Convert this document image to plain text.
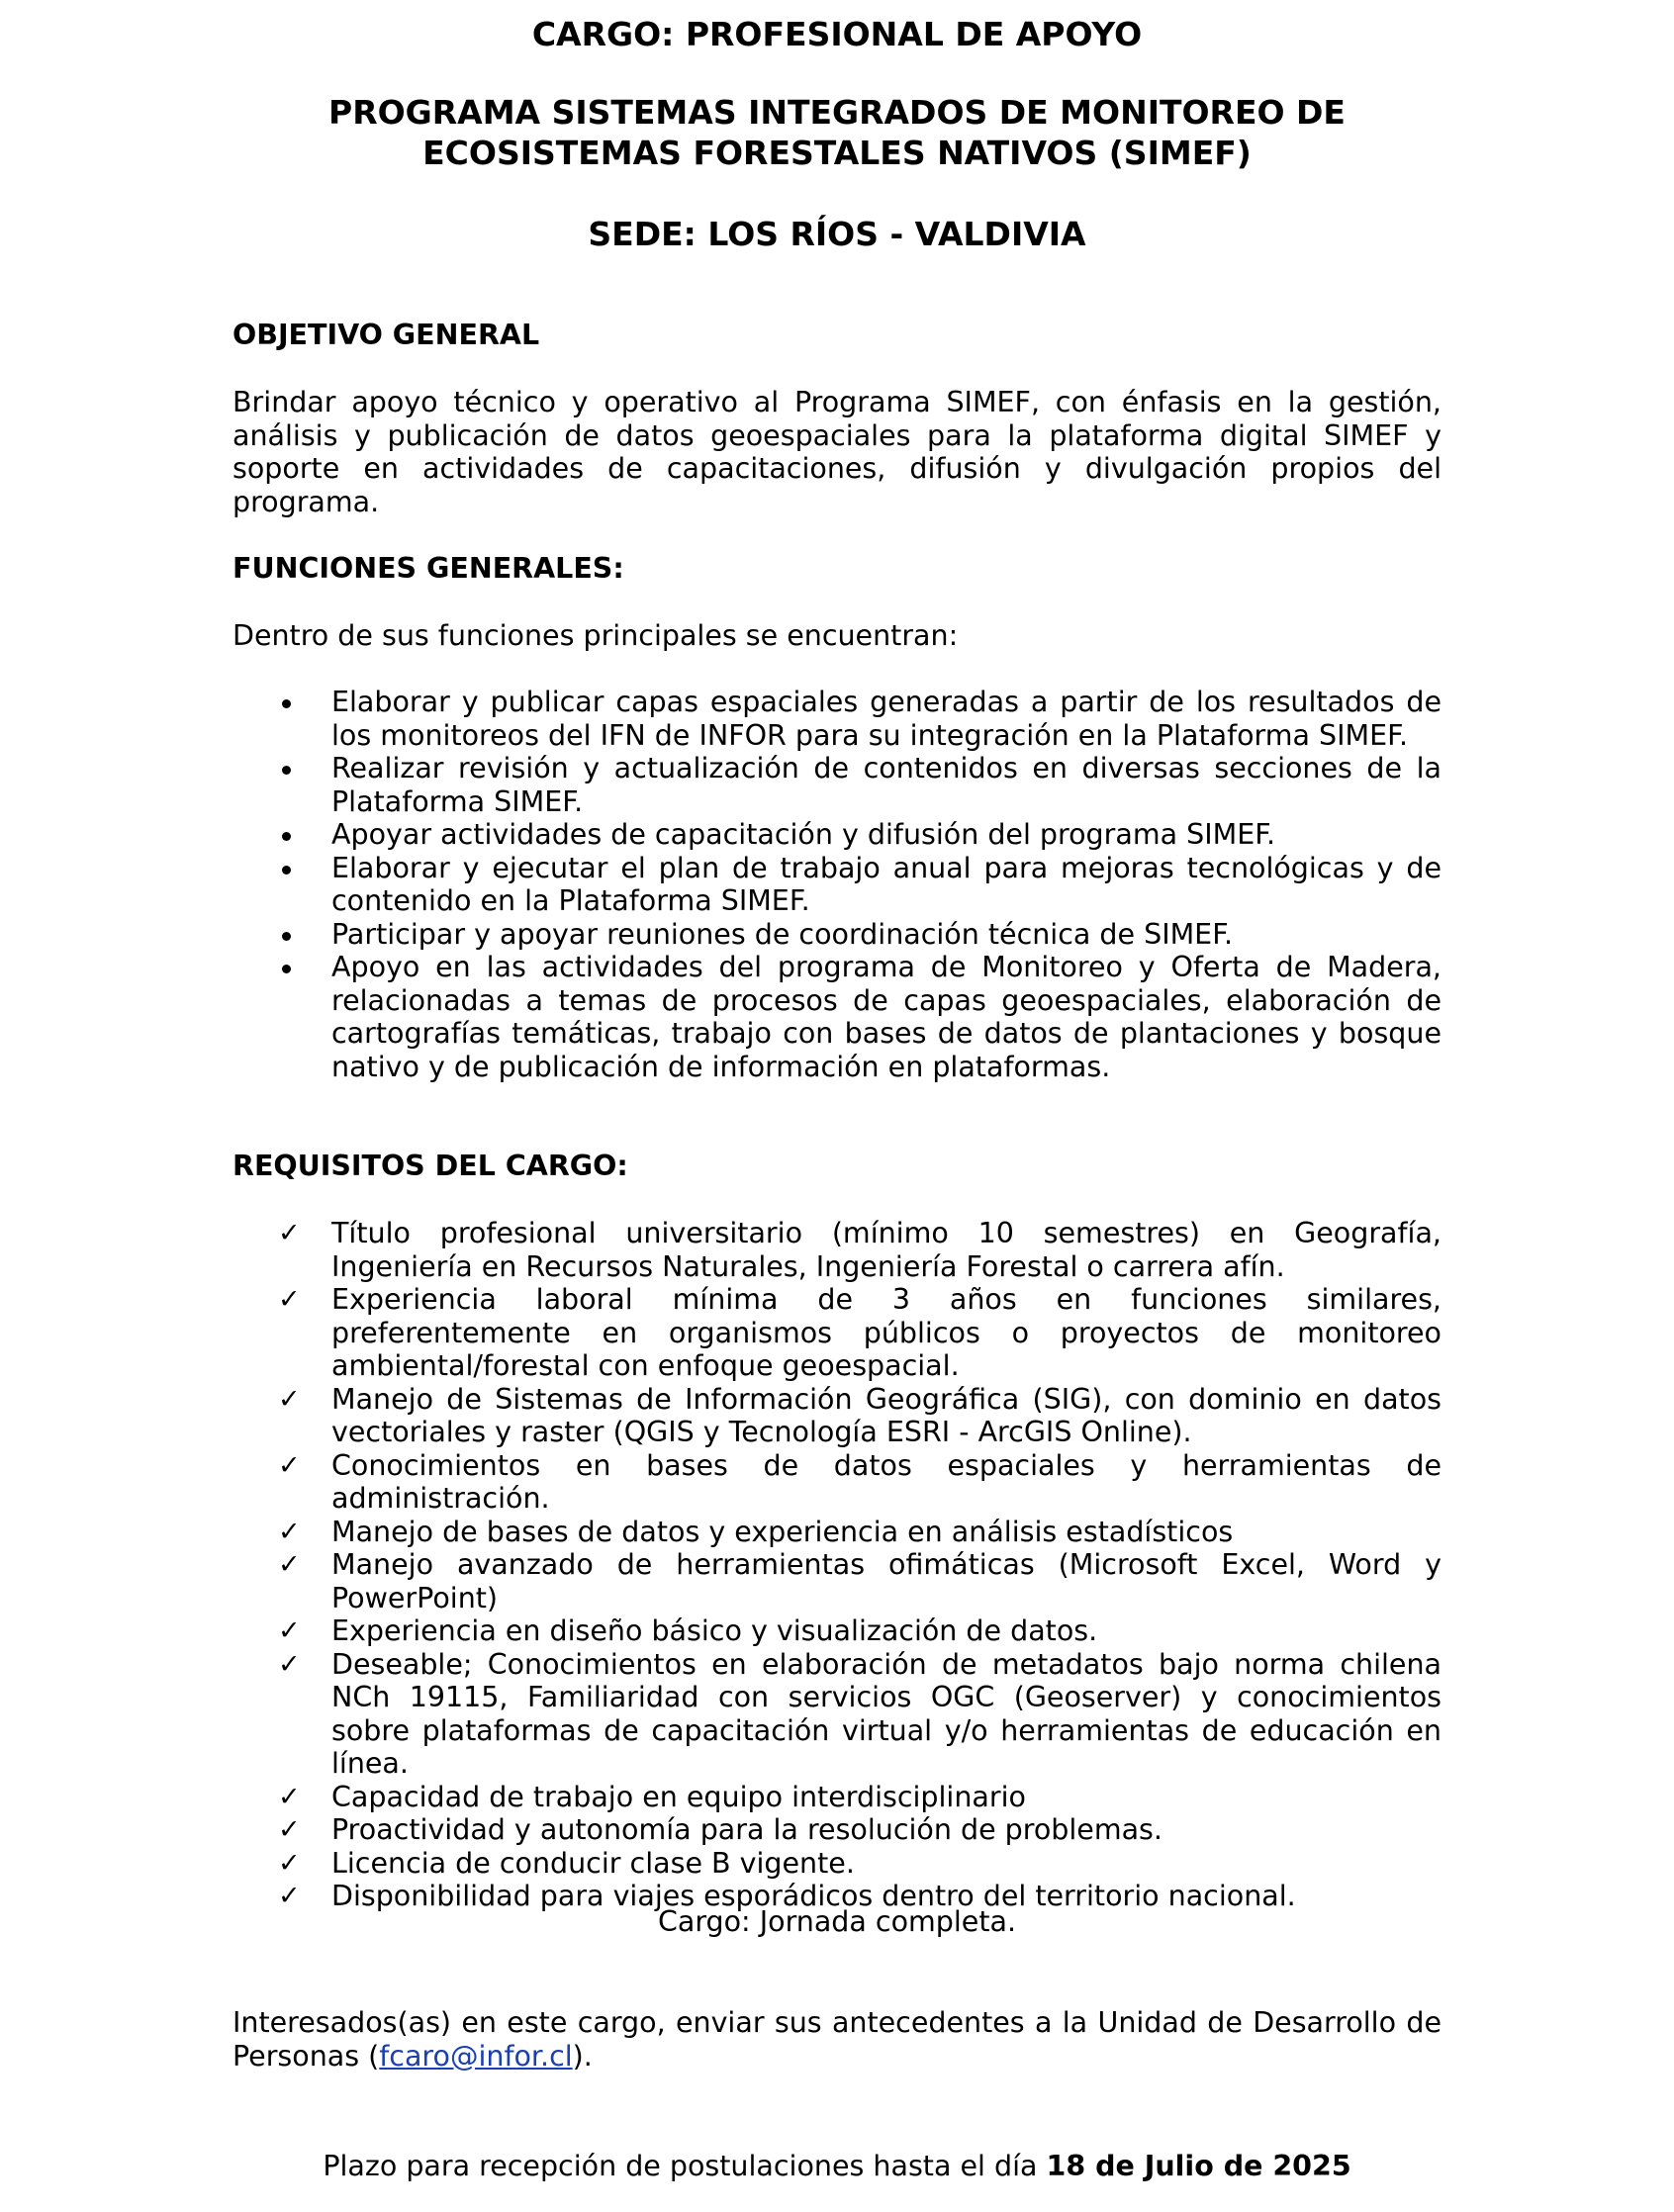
CARGO: PROFESIONAL DE APOYO
PROGRAMA SISTEMAS INTEGRADOS DE MONITOREO DE
ECOSISTEMAS FORESTALES NATIVOS (SIMEF)
SEDE: LOS RÍOS - VALDIVIA

OBJETIVO GENERAL

Brindar apoyo técnico y operativo al Programa SIMEF, con énfasis en la gestión, análisis y publicación de datos geoespaciales para la plataforma digital SIMEF y soporte en actividades de capacitaciones, difusión y divulgación propios del programa.

FUNCIONES GENERALES:

Dentro de sus funciones principales se encuentran:

Elaborar y publicar capas espaciales generadas a partir de los resultados de los monitoreos del IFN de INFOR para su integración en la Plataforma SIMEF.
Realizar revisión y actualización de contenidos en diversas secciones de la Plataforma SIMEF.
Apoyar actividades de capacitación y difusión del programa SIMEF.
Elaborar y ejecutar el plan de trabajo anual para mejoras tecnológicas y de contenido en la Plataforma SIMEF.
Participar y apoyar reuniones de coordinación técnica de SIMEF.
Apoyo en las actividades del programa de Monitoreo y Oferta de Madera, relacionadas a temas de procesos de capas geoespaciales, elaboración de cartografías temáticas, trabajo con bases de datos de plantaciones y bosque nativo y de publicación de información en plataformas.

REQUISITOS DEL CARGO:

✓ Título profesional universitario (mínimo 10 semestres) en Geografía, Ingeniería en Recursos Naturales, Ingeniería Forestal o carrera afín.
✓ Experiencia laboral mínima de 3 años en funciones similares, preferentemente en organismos públicos o proyectos de monitoreo ambiental/forestal con enfoque geoespacial.
✓ Manejo de Sistemas de Información Geográfica (SIG), con dominio en datos vectoriales y raster (QGIS y Tecnología ESRI - ArcGIS Online).
✓ Conocimientos en bases de datos espaciales y herramientas de administración.
✓ Manejo de bases de datos y experiencia en análisis estadísticos
✓ Manejo avanzado de herramientas ofimáticas (Microsoft Excel, Word y PowerPoint)
✓ Experiencia en diseño básico y visualización de datos.
✓ Deseable; Conocimientos en elaboración de metadatos bajo norma chilena NCh 19115, Familiaridad con servicios OGC (Geoserver) y conocimientos sobre plataformas de capacitación virtual y/o herramientas de educación en línea.
✓ Capacidad de trabajo en equipo interdisciplinario
✓ Proactividad y autonomía para la resolución de problemas.
✓ Licencia de conducir clase B vigente.
✓ Disponibilidad para viajes esporádicos dentro del territorio nacional.
Cargo: Jornada completa.

Interesados(as) en este cargo, enviar sus antecedentes a la Unidad de Desarrollo de Personas (fcaro@infor.cl).

Plazo para recepción de postulaciones hasta el día 18 de Julio de 2025
